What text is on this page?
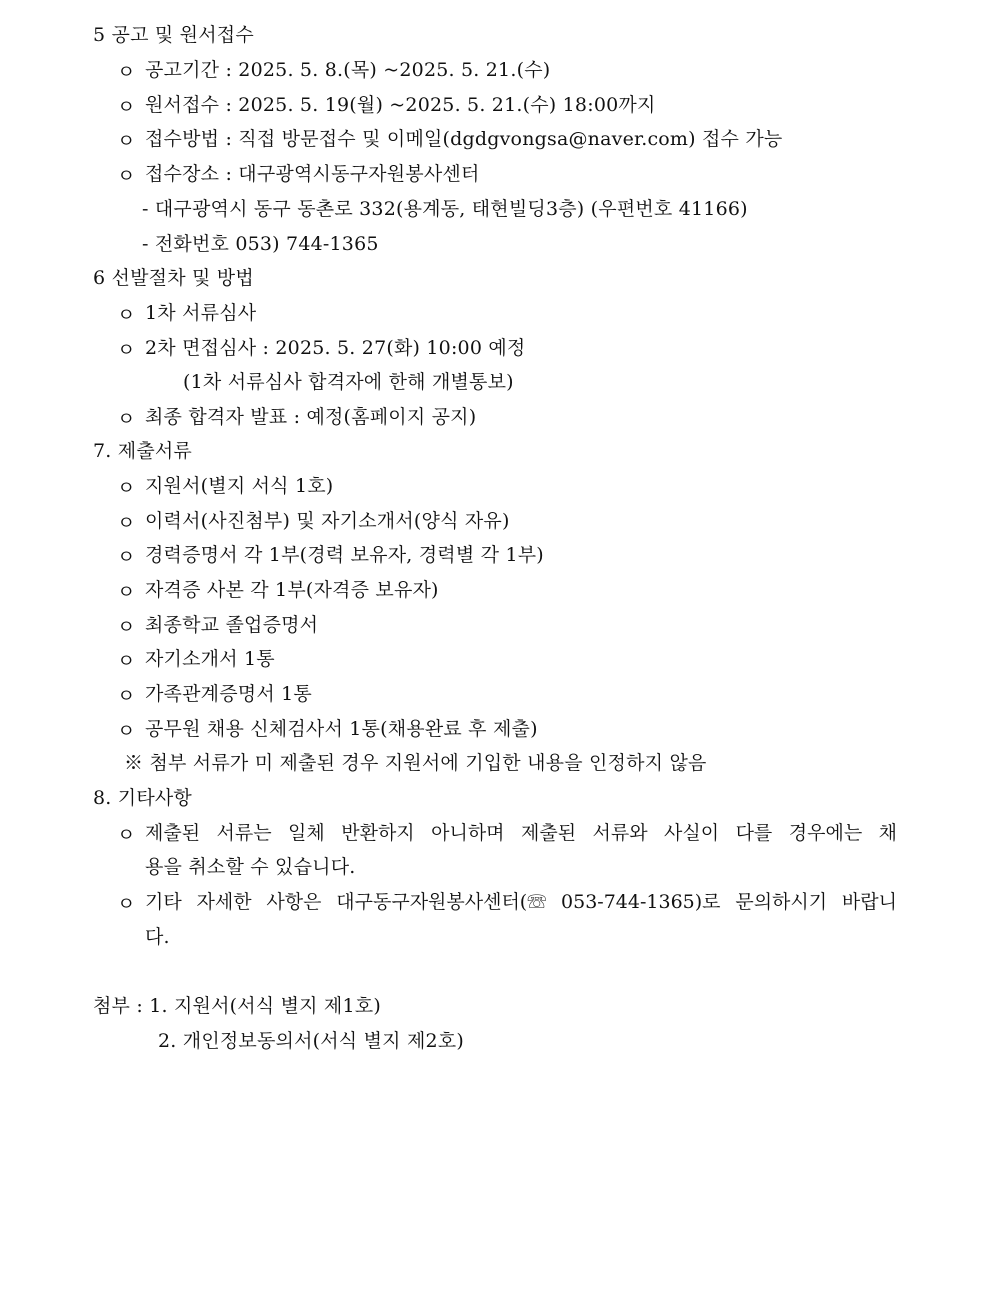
5 공고 및 원서접수
ㅇ 공고기간 : 2025. 5. 8.(목) ~2025. 5. 21.(수)
ㅇ 원서접수 : 2025. 5. 19(월) ~2025. 5. 21.(수) 18:00까지
ㅇ 접수방법 : 직접 방문접수 및 이메일(dgdgvongsa@naver.com) 접수 가능
ㅇ 접수장소 : 대구광역시동구자원봉사센터
- 대구광역시 동구 동촌로 332(용계동, 태현빌딩3층) (우편번호 41166)
- 전화번호 053) 744-1365
6 선발절차 및 방법
ㅇ 1차 서류심사
ㅇ 2차 면접심사 : 2025. 5. 27(화) 10:00 예정
(1차 서류심사 합격자에 한해 개별통보)
ㅇ 최종 합격자 발표 : 예정(홈페이지 공지)
7. 제출서류
ㅇ 지원서(별지 서식 1호)
ㅇ 이력서(사진첨부) 및 자기소개서(양식 자유)
ㅇ 경력증명서 각 1부(경력 보유자, 경력별 각 1부)
ㅇ 자격증 사본 각 1부(자격증 보유자)
ㅇ 최종학교 졸업증명서
ㅇ 자기소개서 1통
ㅇ 가족관계증명서 1통
ㅇ 공무원 채용 신체검사서 1통(채용완료 후 제출)
※ 첨부 서류가 미 제출된 경우 지원서에 기입한 내용을 인정하지 않음
8. 기타사항
ㅇ 제출된 서류는 일체 반환하지 아니하며 제출된 서류와 사실이 다를 경우에는 채
용을 취소할 수 있습니다.
ㅇ 기타 자세한 사항은 대구동구자원봉사센터(☏ 053-744-1365)로 문의하시기 바랍니
다.
첨부 : 1. 지원서(서식 별지 제1호)
2. 개인정보동의서(서식 별지 제2호)
